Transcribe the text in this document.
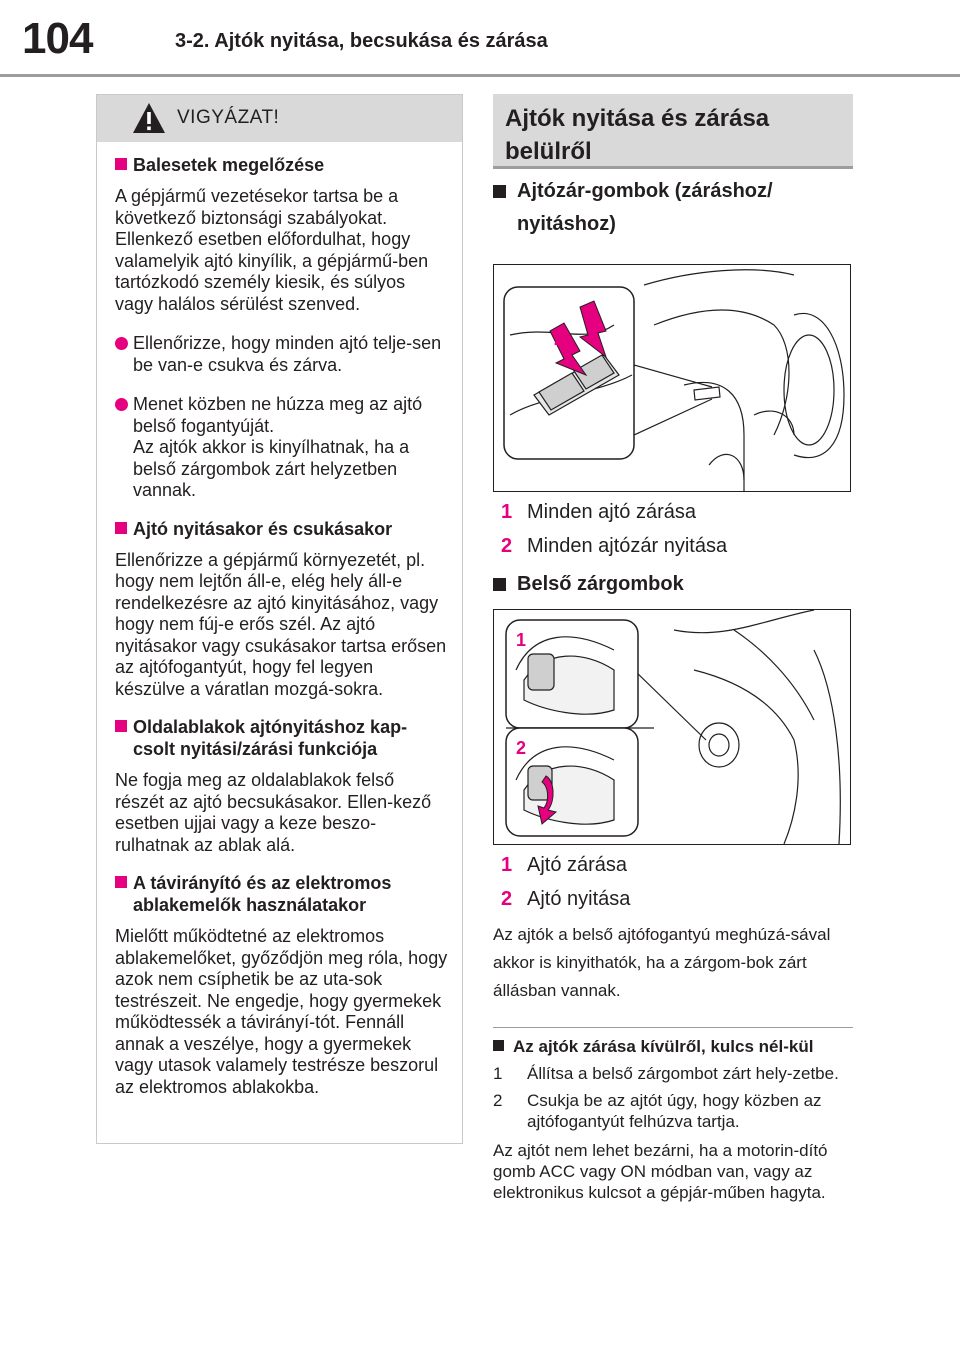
104	3-2. Ajtók nyitása, becsukása és zárása
VIGYÁZAT!
Balesetek megelőzése
A gépjármű vezetésekor tartsa be a következő biztonsági szabályokat. Ellenkező esetben előfordulhat, hogy valamelyik ajtó kinyílik, a gépjármű-ben tartózkodó személy kiesik, és súlyos vagy halálos sérülést szenved.
Ellenőrizze, hogy minden ajtó telje-sen be van-e csukva és zárva.
Menet közben ne húzza meg az ajtó belső fogantyúját.
Az ajtók akkor is kinyílhatnak, ha a belső zárgombok zárt helyzetben vannak.
Ajtó nyitásakor és csukásakor
Ellenőrizze a gépjármű környezetét, pl. hogy nem lejtőn áll-e, elég hely áll-e rendelkezésre az ajtó kinyitásához, vagy hogy nem fúj-e erős szél. Az ajtó nyitásakor vagy csukásakor tartsa erősen az ajtófogantyút, hogy fel legyen készülve a váratlan mozgá-sokra.
Oldalablakok ajtónyitáshoz kap-csolt nyitási/zárási funkciója
Ne fogja meg az oldalablakok felső részét az ajtó becsukásakor. Ellen-kező esetben ujjai vagy a keze beszo-rulhatnak az ablak alá.
A távirányító és az elektromos ablakemelők használatakor
Mielőtt működtetné az elektromos ablakemelőket, győződjön meg róla, hogy azok nem csíphetik be az uta-sok testrészeit. Ne engedje, hogy gyermekek működtessék a távirányí-tót. Fennáll annak a veszélye, hogy a gyermekek vagy utasok valamely testrésze beszorul az elektromos ablakokba.
Ajtók nyitása és zárása
belülről
Ajtózár-gombok (záráshoz/ nyitáshoz)
1
2
1 Minden ajtó zárása
2 Minden ajtózár nyitása
Belső zárgombok
1
2
1 Ajtó zárása
2 Ajtó nyitása
Az ajtók a belső ajtófogantyú meghúzá-sával akkor is kinyithatók, ha a zárgom-bok zárt állásban vannak.
Az ajtók zárása kívülről, kulcs nél-kül
1 Állítsa a belső zárgombot zárt hely-zetbe.
2 Csukja be az ajtót úgy, hogy közben az ajtófogantyút felhúzva tartja.
Az ajtót nem lehet bezárni, ha a motorin-dító gomb ACC vagy ON módban van, vagy az elektronikus kulcsot a gépjár-műben hagyta.
